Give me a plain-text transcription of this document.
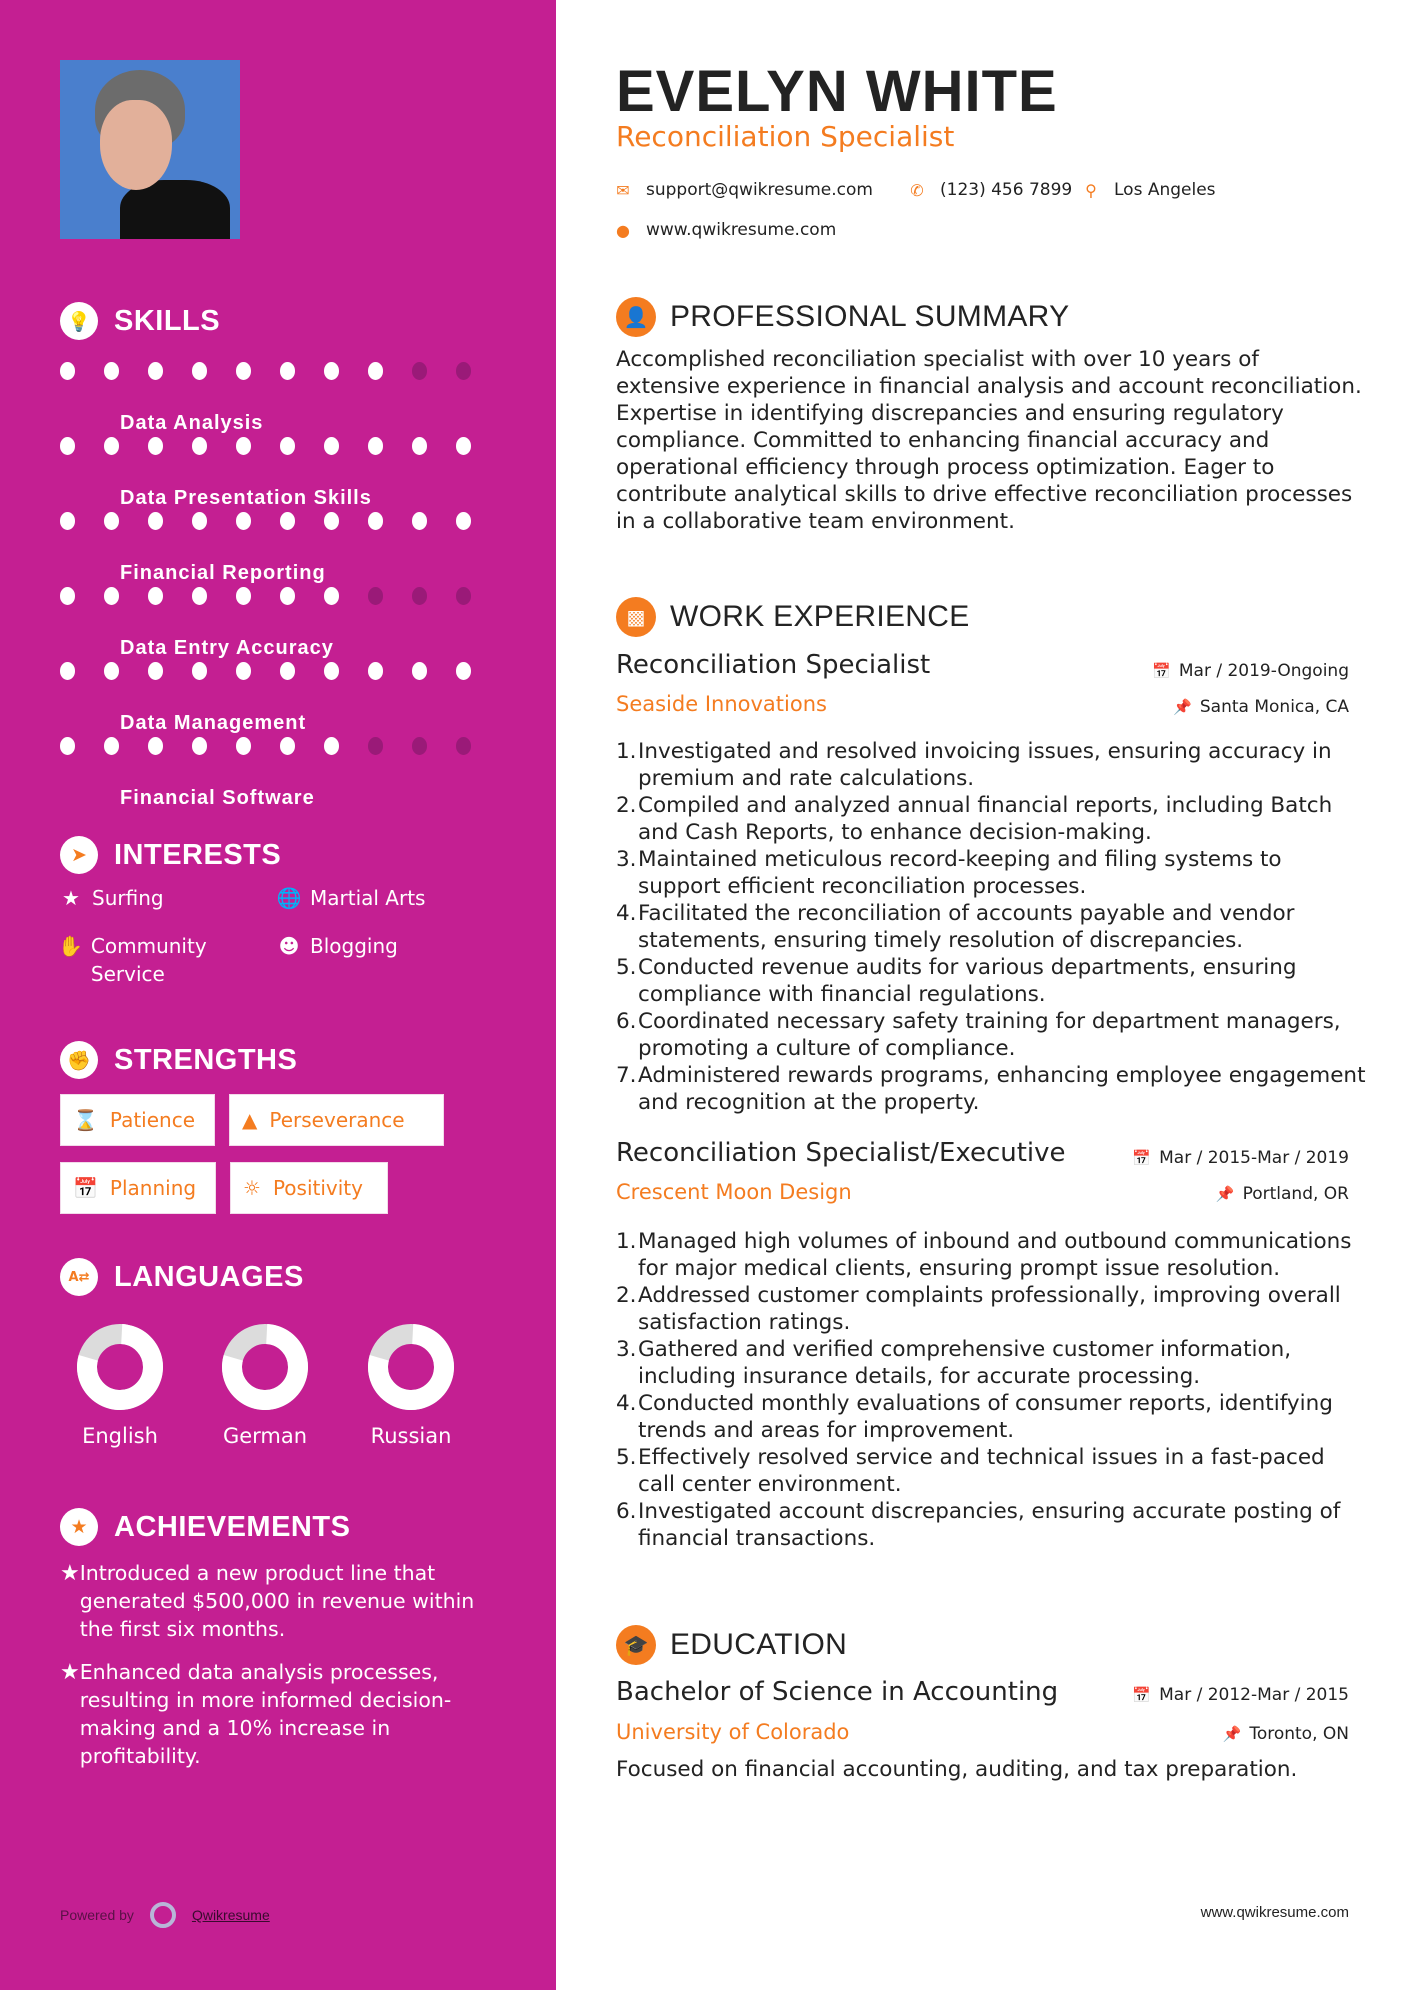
💡 SKILLS
Data Analysis
Data Presentation Skills
Financial Reporting
Data Entry Accuracy
Data Management
Financial Software
➤ INTERESTS
★ Surfing	🌐 Martial Arts
✋ Community Service
☻ Blogging
✊ STRENGTHS
⌛ Patience ▲ Perseverance
📅 Planning ☼ Positivity
A⇄ LANGUAGES
English	German	Russian
★ ACHIEVEMENTS
★ Introduced a new product line that generated $500,000 in revenue within the first six months.
★ Enhanced data analysis processes, resulting in more informed decision-making and a 10% increase in profitability.
Powered by	Qwikresume
EVELYN WHITE
Reconciliation Specialist
✉ support@qwikresume.com ✆ (123) 456 7899 ⚲ Los Angeles
● www.qwikresume.com
👤 PROFESSIONAL SUMMARY
Accomplished reconciliation specialist with over 10 years of extensive experience in financial analysis and account reconciliation. Expertise in identifying discrepancies and ensuring regulatory compliance. Committed to enhancing financial accuracy and operational efficiency through process optimization. Eager to contribute analytical skills to drive effective reconciliation processes in a collaborative team environment.
▩ WORK EXPERIENCE
Reconciliation Specialist	📅 Mar / 2019-Ongoing
Seaside Innovations	📌 Santa Monica, CA
1. Investigated and resolved invoicing issues, ensuring accuracy in premium and rate calculations.
2. Compiled and analyzed annual financial reports, including Batch and Cash Reports, to enhance decision-making.
3. Maintained meticulous record-keeping and filing systems to support efficient reconciliation processes.
4. Facilitated the reconciliation of accounts payable and vendor statements, ensuring timely resolution of discrepancies.
5. Conducted revenue audits for various departments, ensuring compliance with financial regulations.
6. Coordinated necessary safety training for department managers, promoting a culture of compliance.
7. Administered rewards programs, enhancing employee engagement and recognition at the property.
Reconciliation Specialist/Executive	📅 Mar / 2015-Mar / 2019
Crescent Moon Design	📌 Portland, OR
1. Managed high volumes of inbound and outbound communications for major medical clients, ensuring prompt issue resolution.
2. Addressed customer complaints professionally, improving overall satisfaction ratings.
3. Gathered and verified comprehensive customer information, including insurance details, for accurate processing.
4. Conducted monthly evaluations of consumer reports, identifying trends and areas for improvement.
5. Effectively resolved service and technical issues in a fast-paced call center environment.
6. Investigated account discrepancies, ensuring accurate posting of financial transactions.
🎓 EDUCATION
Bachelor of Science in Accounting	📅 Mar / 2012-Mar / 2015
University of Colorado	📌 Toronto, ON
Focused on financial accounting, auditing, and tax preparation.
www.qwikresume.com
